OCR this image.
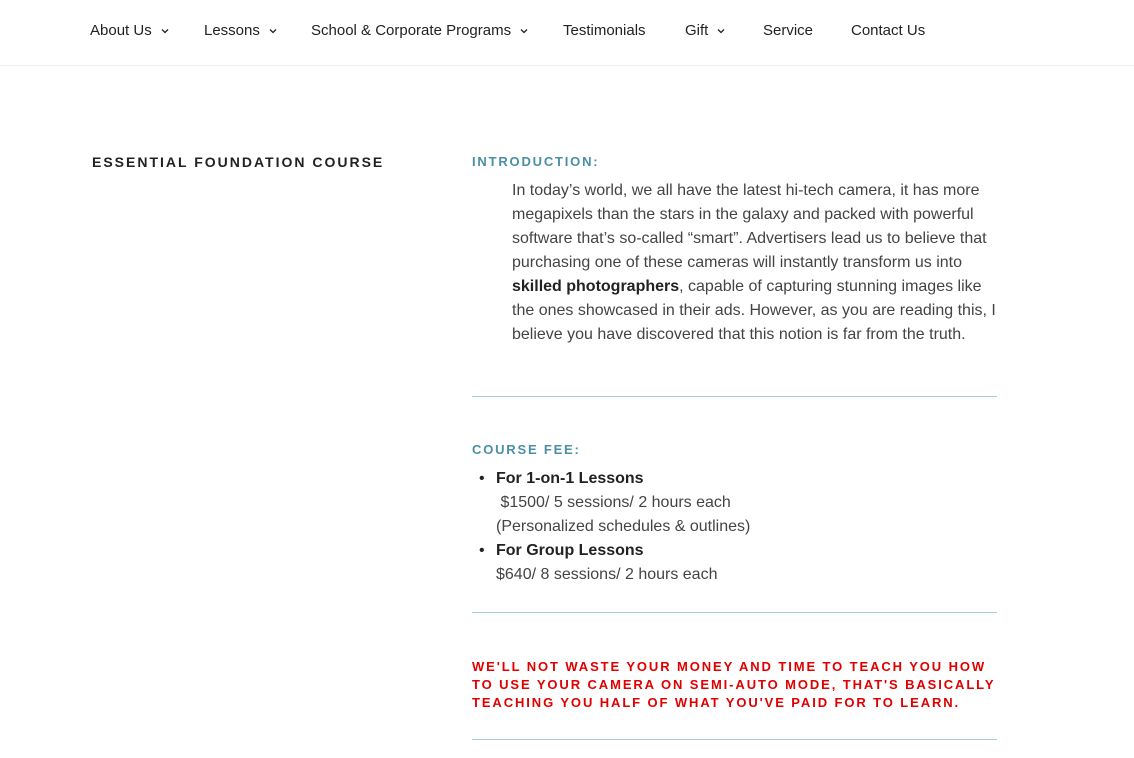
About Us	Lessons	School & Corporate Programs	Testimonials	Gift	Service	Contact Us
ESSENTIAL FOUNDATION COURSE	INTRODUCTION:
In today’s world, we all have the latest hi-tech camera, it has more megapixels than the stars in the galaxy and packed with powerful software that’s so-called “smart”. Advertisers lead us to believe that purchasing one of these cameras will instantly transform us into skilled photographers, capable of capturing stunning images like the ones showcased in their ads. However, as you are reading this, I believe you have discovered that this notion is far from the truth.
COURSE FEE:
• For 1-on-1 Lessons
$1500/ 5 sessions/ 2 hours each
(Personalized schedules & outlines)
• For Group Lessons
$640/ 8 sessions/ 2 hours each
WE'LL NOT WASTE YOUR MONEY AND TIME TO TEACH YOU HOW TO USE YOUR CAMERA ON SEMI-AUTO MODE, THAT'S BASICALLY TEACHING YOU HALF OF WHAT YOU'VE PAID FOR TO LEARN.
